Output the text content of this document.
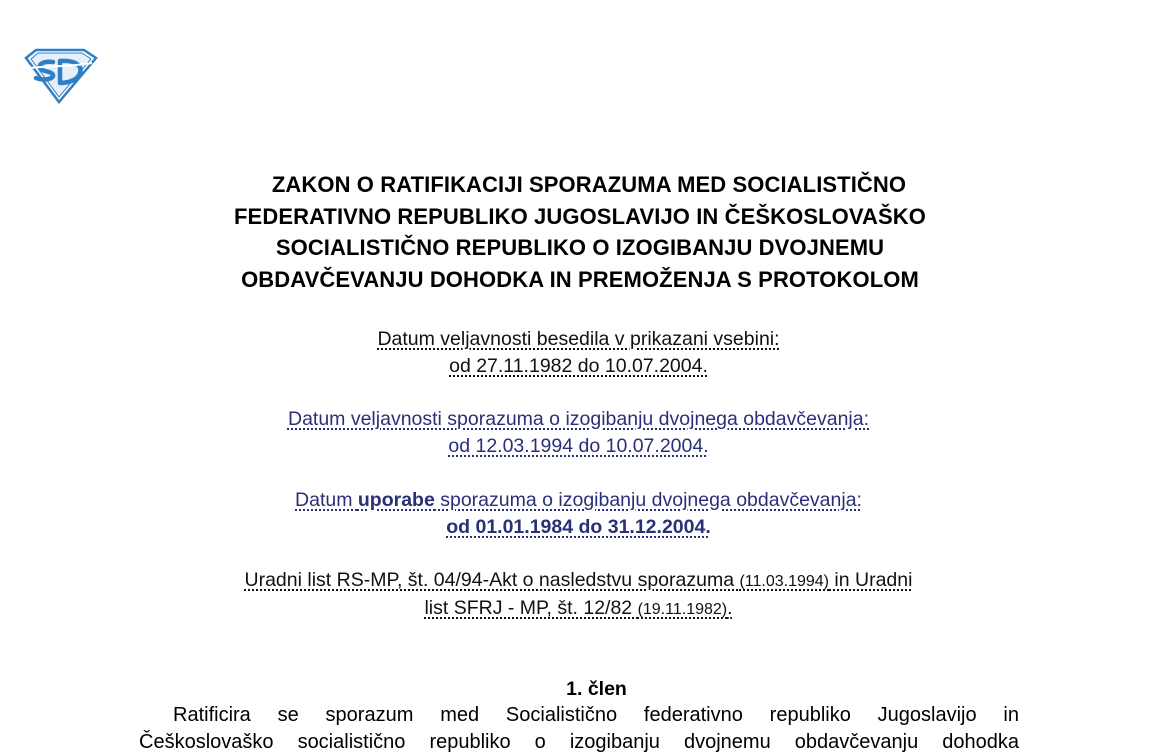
ZAKON O RATIFIKACIJI SPORAZUMA MED SOCIALISTIČNO
FEDERATIVNO REPUBLIKO JUGOSLAVIJO IN ČEŠKOSLOVAŠKO
SOCIALISTIČNO REPUBLIKO O IZOGIBANJU DVOJNEMU
OBDAVČEVANJU DOHODKA IN PREMOŽENJA S PROTOKOLOM
Datum veljavnosti besedila v prikazani vsebini:
od 27.11.1982 do 10.07.2004.
Datum veljavnosti sporazuma o izogibanju dvojnega obdavčevanja:
od 12.03.1994 do 10.07.2004.
Datum uporabe sporazuma o izogibanju dvojnega obdavčevanja:
od 01.01.1984 do 31.12.2004.
Uradni list RS-MP, št. 04/94-Akt o nasledstvu sporazuma (11.03.1994) in Uradni
list SFRJ - MP, št. 12/82 (19.11.1982).
1. člen
Ratificira se sporazum med Socialistično federativno republiko Jugoslavijo in
Češkoslovaško socialistično republiko o izogibanju dvojnemu obdavčevanju dohodka
